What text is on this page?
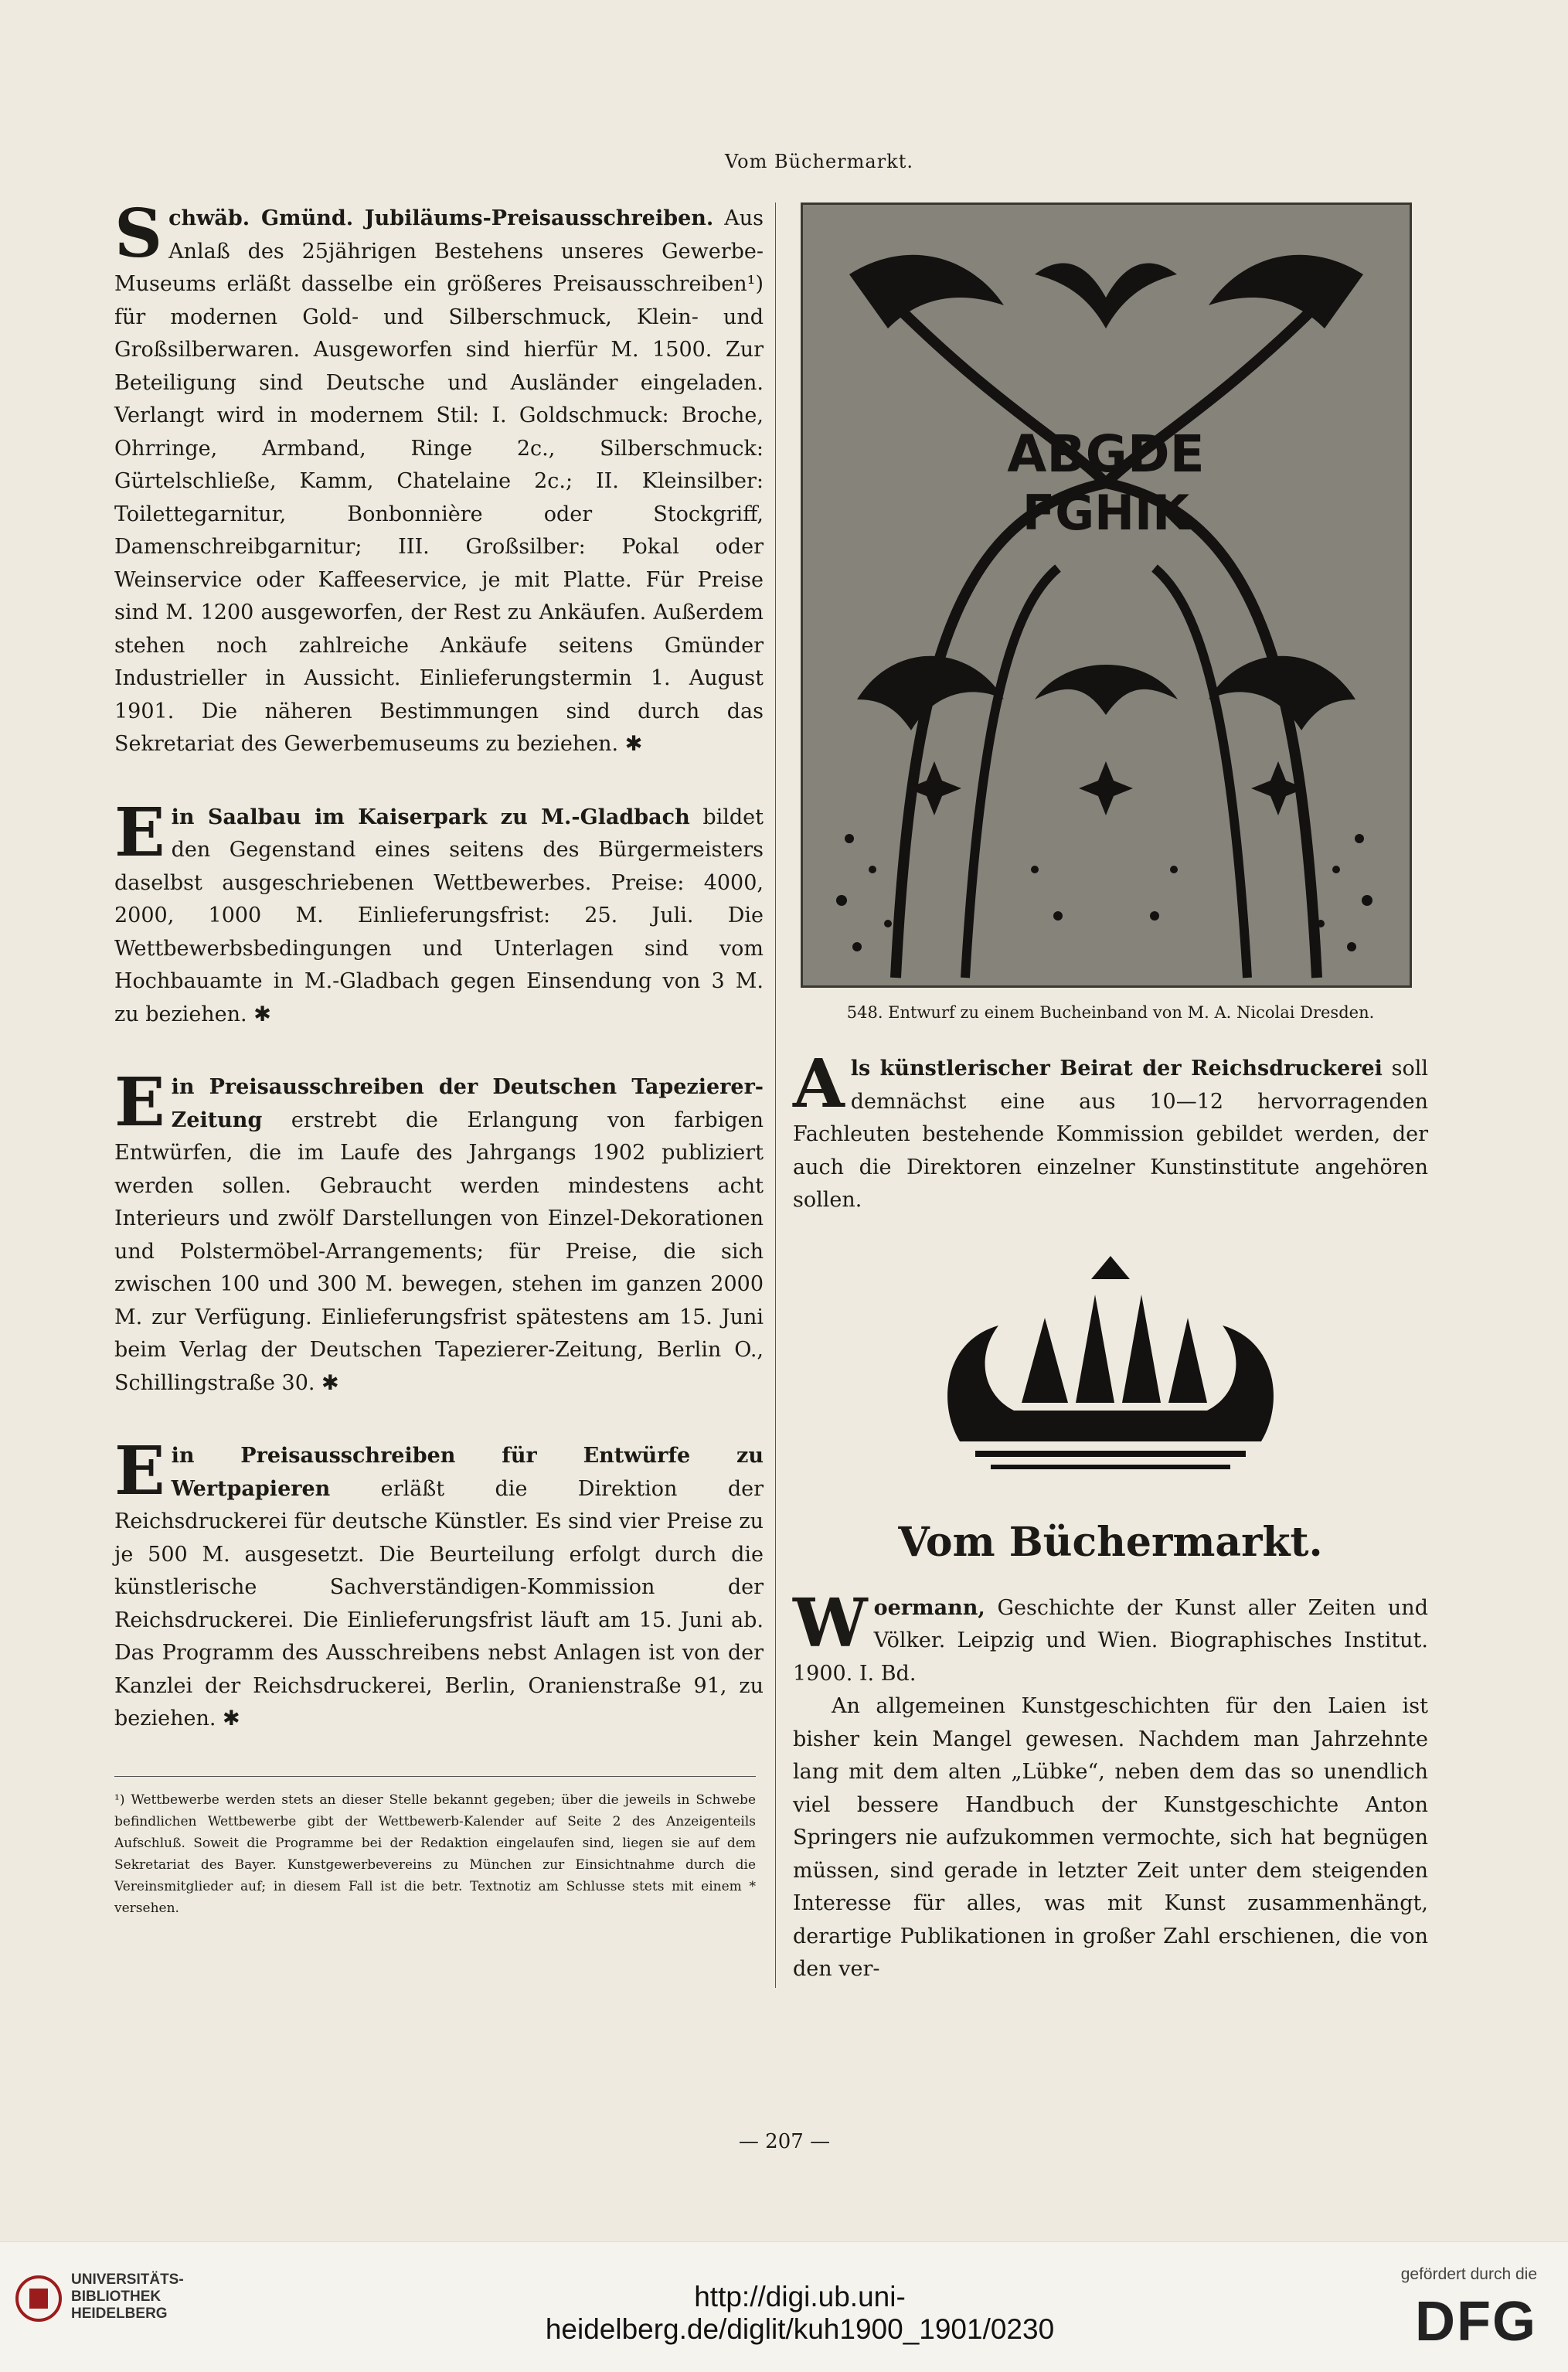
Vom Büchermarkt.

Schwäb. Gmünd. Jubiläums-Preisausschreiben. Aus Anlaß des 25jährigen Bestehens unseres Gewerbe-Museums erläßt dasselbe ein größeres Preisausschreiben¹) für modernen Gold- und Silberschmuck, Klein- und Großsilberwaren. Ausgeworfen sind hierfür M. 1500. Zur Beteiligung sind Deutsche und Ausländer eingeladen. Verlangt wird in modernem Stil: I. Goldschmuck: Broche, Ohrringe, Armband, Ringe 2c., Silberschmuck: Gürtelschließe, Kamm, Chatelaine 2c.; II. Kleinsilber: Toilettegarnitur, Bonbonnière oder Stockgriff, Damenschreibgarnitur; III. Großsilber: Pokal oder Weinservice oder Kaffeeservice, je mit Platte. Für Preise sind M. 1200 ausgeworfen, der Rest zu Ankäufen. Außerdem stehen noch zahlreiche Ankäufe seitens Gmünder Industrieller in Aussicht. Einlieferungstermin 1. August 1901. Die näheren Bestimmungen sind durch das Sekretariat des Gewerbemuseums zu beziehen. ✱

Ein Saalbau im Kaiserpark zu M.-Gladbach bildet den Gegenstand eines seitens des Bürgermeisters daselbst ausgeschriebenen Wettbewerbes. Preise: 4000, 2000, 1000 M. Einlieferungsfrist: 25. Juli. Die Wettbewerbsbedingungen und Unterlagen sind vom Hochbauamte in M.-Gladbach gegen Einsendung von 3 M. zu beziehen. ✱

Ein Preisausschreiben der Deutschen Tapezierer-Zeitung erstrebt die Erlangung von farbigen Entwürfen, die im Laufe des Jahrgangs 1902 publiziert werden sollen. Gebraucht werden mindestens acht Interieurs und zwölf Darstellungen von Einzel-Dekorationen und Polstermöbel-Arrangements; für Preise, die sich zwischen 100 und 300 M. bewegen, stehen im ganzen 2000 M. zur Verfügung. Einlieferungsfrist spätestens am 15. Juni beim Verlag der Deutschen Tapezierer-Zeitung, Berlin O., Schillingstraße 30. ✱

Ein Preisausschreiben für Entwürfe zu Wertpapieren erläßt die Direktion der Reichsdruckerei für deutsche Künstler. Es sind vier Preise zu je 500 M. ausgesetzt. Die Beurteilung erfolgt durch die künstlerische Sachverständigen-Kommission der Reichsdruckerei. Die Einlieferungsfrist läuft am 15. Juni ab. Das Programm des Ausschreibens nebst Anlagen ist von der Kanzlei der Reichsdruckerei, Berlin, Oranienstraße 91, zu beziehen. ✱

¹) Wettbewerbe werden stets an dieser Stelle bekannt gegeben; über die jeweils in Schwebe befindlichen Wettbewerbe gibt der Wettbewerb-Kalender auf Seite 2 des Anzeigenteils Aufschluß. Soweit die Programme bei der Redaktion eingelaufen sind, liegen sie auf dem Sekretariat des Bayer. Kunstgewerbevereins zu München zur Einsichtnahme durch die Vereinsmitglieder auf; in diesem Fall ist die betr. Textnotiz am Schlusse stets mit einem * versehen.

ABGDE
FGHIK
548. Entwurf zu einem Bucheinband von M. A. Nicolai Dresden.

Als künstlerischer Beirat der Reichsdruckerei soll demnächst eine aus 10—12 hervorragenden Fachleuten bestehende Kommission gebildet werden, der auch die Direktoren einzelner Kunstinstitute angehören sollen.

Vom Büchermarkt.

Woermann, Geschichte der Kunst aller Zeiten und Völker. Leipzig und Wien. Biographisches Institut. 1900. I. Bd.

An allgemeinen Kunstgeschichten für den Laien ist bisher kein Mangel gewesen. Nachdem man Jahrzehnte lang mit dem alten „Lübke“, neben dem das so unendlich viel bessere Handbuch der Kunstgeschichte Anton Springers nie aufzukommen vermochte, sich hat begnügen müssen, sind gerade in letzter Zeit unter dem steigenden Interesse für alles, was mit Kunst zusammenhängt, derartige Publikationen in großer Zahl erschienen, die von den ver-

— 207 —
UNIVERSITÄTS-
BIBLIOTHEK
HEIDELBERG
http://digi.ub.uni-heidelberg.de/diglit/kuh1900_1901/0230
gefördert durch die
DFG
